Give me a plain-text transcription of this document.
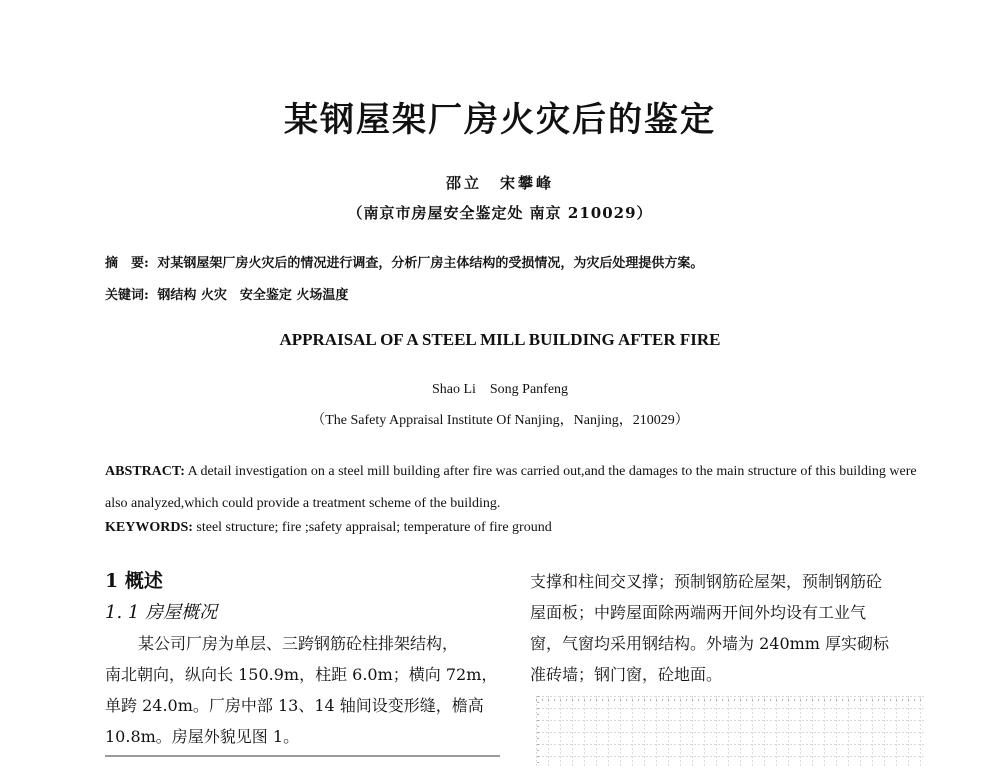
某钢屋架厂房火灾后的鉴定
邵立　宋攀峰
（南京市房屋安全鉴定处 南京 210029）
摘　要: 对某钢屋架厂房火灾后的情况进行调查，分析厂房主体结构的受损情况，为灾后处理提供方案。
关键词: 钢结构 火灾　安全鉴定 火场温度
APPRAISAL OF A STEEL MILL BUILDING AFTER FIRE
Shao Li　Song Panfeng
（The Safety Appraisal Institute Of Nanjing，Nanjing，210029）
ABSTRACT: A detail investigation on a steel mill building after fire was carried out,and the damages to the main structure of this building were also analyzed,which could provide a treatment scheme of the building.
KEYWORDS: steel structure; fire ;safety appraisal; temperature of fire ground
1 概述
1. 1 房屋概况
某公司厂房为单层、三跨钢筋砼柱排架结构，
南北朝向，纵向长 150.9m，柱距 6.0m；横向 72m，
单跨 24.0m。厂房中部 13、14 轴间设变形缝，檐高
10.8m。房屋外貌见图 1。
支撑和柱间交叉撑；预制钢筋砼屋架，预制钢筋砼
屋面板；中跨屋面除两端两开间外均设有工业气
窗，气窗均采用钢结构。外墙为 240mm 厚实砌标
准砖墙；钢门窗，砼地面。
